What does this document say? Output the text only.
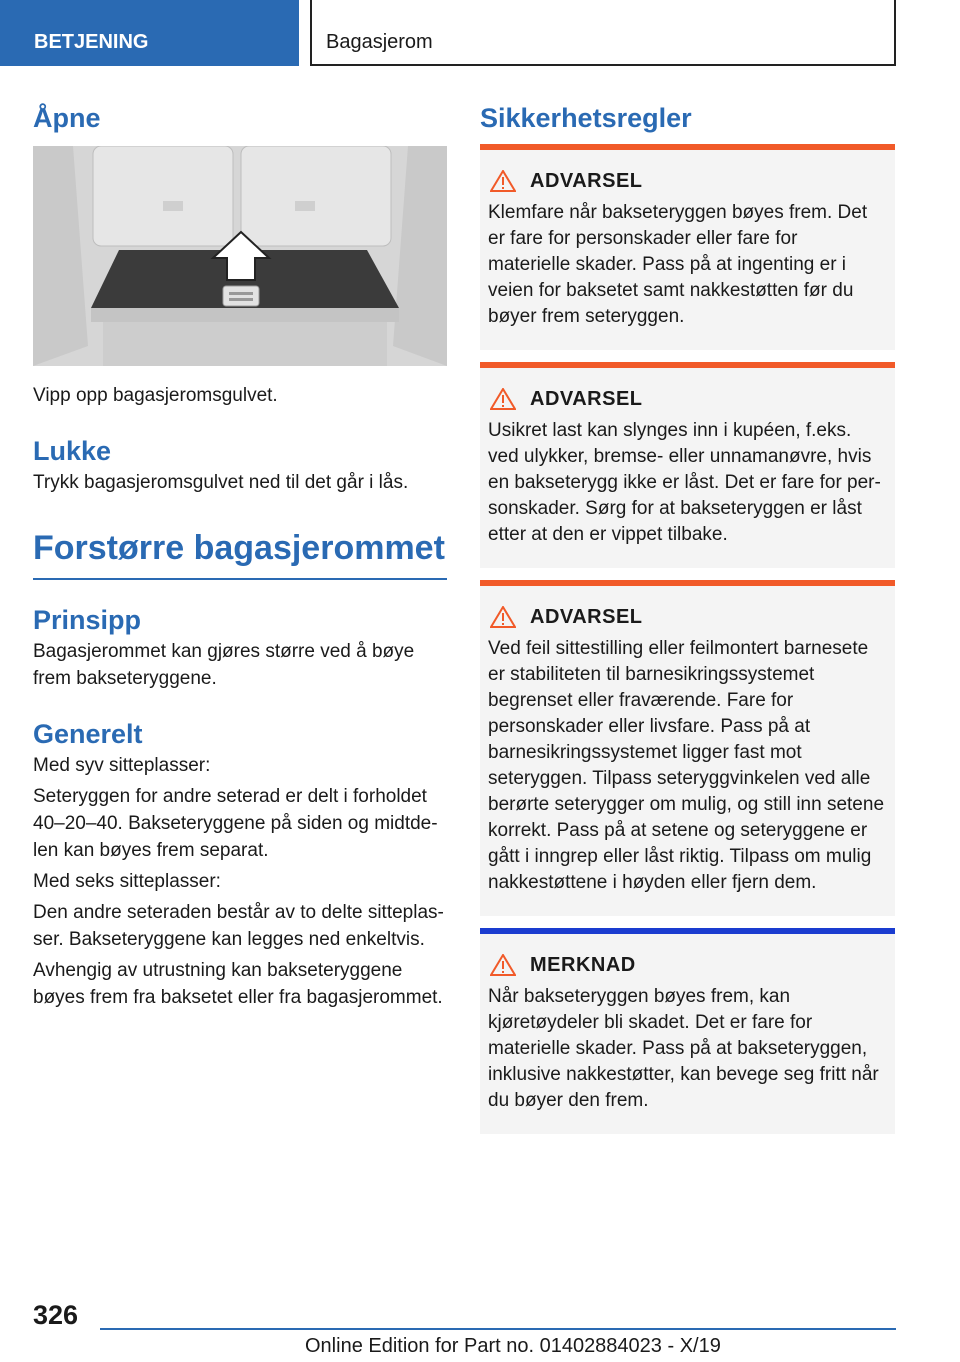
BETJENING	Bagasjerom
Åpne

Vipp opp bagasjeromsgulvet.

Lukke

Trykk bagasjeromsgulvet ned til det går i lås.

Forstørre bagasjerommet
Prinsipp

Bagasjerommet kan gjøres større ved å bøye frem bakseteryggene.

Generelt

Med syv sitteplasser:

Seteryggen for andre seterad er delt i forholdet 40–20–40. Bakseteryggene på siden og midtdelen kan bøyes frem separat.

Med seks sitteplasser:

Den andre seteraden består av to delte sitteplasser. Bakseteryggene kan legges ned enkeltvis.

Avhengig av utrustning kan bakseteryggene bøyes frem fra baksetet eller fra bagasjerommet.

Sikkerhetsregler
ADVARSEL

Klemfare når bakseteryggen bøyes frem. Det er fare for personskader eller fare for materielle skader. Pass på at ingenting er i veien for baksetet samt nakkestøtten før du bøyer frem seteryggen.

ADVARSEL

Usikret last kan slynges inn i kupéen, f.eks. ved ulykker, bremse- eller unnamanøvre, hvis en bakseterygg ikke er låst. Det er fare for personskader. Sørg for at bakseteryggen er låst etter at den er vippet tilbake.

ADVARSEL

Ved feil sittestilling eller feilmontert barnesete er stabiliteten til barnesikringssystemet begrenset eller fraværende. Fare for personskader eller livsfare. Pass på at barnesikringssystemet ligger fast mot seteryggen. Tilpass seteryggvinkelen ved alle berørte seterygger om mulig, og still inn setene korrekt. Pass på at setene og seteryggene er gått i inngrep eller låst riktig. Tilpass om mulig nakkestøttene i høyden eller fjern dem.

MERKNAD

Når bakseteryggen bøyes frem, kan kjøretøydeler bli skadet. Det er fare for materielle skader. Pass på at bakseteryggen, inklusive nakkestøtter, kan bevege seg fritt når du bøyer den frem.

326
Online Edition for Part no. 01402884023 - X/19
